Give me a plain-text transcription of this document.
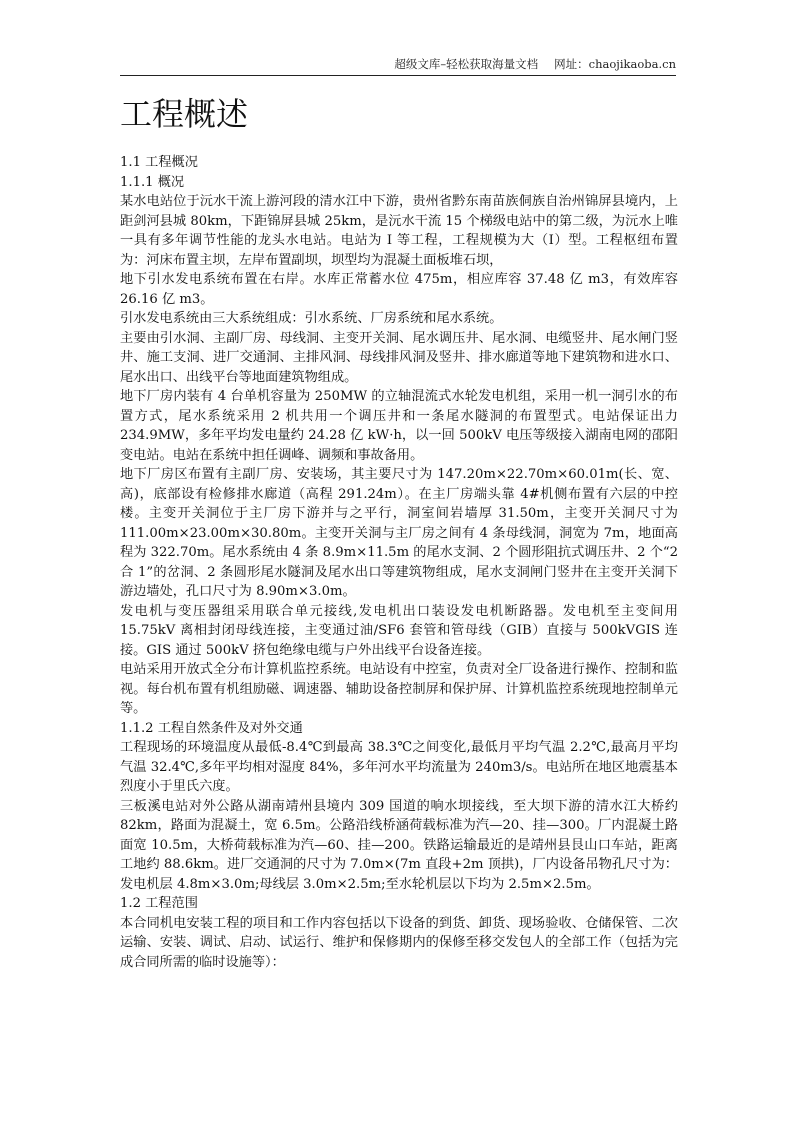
超级文库–轻松获取海量文档 网址：chaojikaoba.cn
工程概述

1.1 工程概况

1.1.1 概况

某水电站位于沅水干流上游河段的清水江中下游，贵州省黔东南苗族侗族自治州锦屏县境内，上距剑河县城 80km，下距锦屏县城 25km，是沅水干流 15 个梯级电站中的第二级，为沅水上唯一具有多年调节性能的龙头水电站。电站为 I 等工程，工程规模为大（I）型。工程枢纽布置为：河床布置主坝，左岸布置副坝，坝型均为混凝土面板堆石坝，

地下引水发电系统布置在右岸。水库正常蓄水位 475m，相应库容 37.48 亿 m3，有效库容 26.16 亿 m3。

引水发电系统由三大系统组成：引水系统、厂房系统和尾水系统。

主要由引水洞、主副厂房、母线洞、主变开关洞、尾水调压井、尾水洞、电缆竖井、尾水闸门竖井、施工支洞、进厂交通洞、主排风洞、母线排风洞及竖井、排水廊道等地下建筑物和进水口、尾水出口、出线平台等地面建筑物组成。

地下厂房内装有 4 台单机容量为 250MW 的立轴混流式水轮发电机组，采用一机一洞引水的布置方式，尾水系统采用 2 机共用一个调压井和一条尾水隧洞的布置型式。电站保证出力 234.9MW，多年平均发电量约 24.28 亿 kW·h，以一回 500kV 电压等级接入湖南电网的邵阳变电站。电站在系统中担任调峰、调频和事故备用。

地下厂房区布置有主副厂房、安装场，其主要尺寸为 147.20m×22.70m×60.01m(长、宽、高)，底部设有检修排水廊道（高程 291.24m）。在主厂房端头靠 4#机侧布置有六层的中控楼。主变开关洞位于主厂房下游并与之平行，洞室间岩墙厚 31.50m，主变开关洞尺寸为 111.00m×23.00m×30.80m。主变开关洞与主厂房之间有 4 条母线洞，洞宽为 7m，地面高程为 322.70m。尾水系统由 4 条 8.9m×11.5m 的尾水支洞、2 个圆形阻抗式调压井、2 个“2 合 1”的岔洞、2 条圆形尾水隧洞及尾水出口等建筑物组成，尾水支洞闸门竖井在主变开关洞下游边墙处，孔口尺寸为 8.90m×3.0m。

发电机与变压器组采用联合单元接线,发电机出口装设发电机断路器。发电机至主变间用 15.75kV 离相封闭母线连接，主变通过油/SF6 套管和管母线（GIB）直接与 500kVGIS 连接。GIS 通过 500kV 挤包绝缘电缆与户外出线平台设备连接。

电站采用开放式全分布计算机监控系统。电站设有中控室，负责对全厂设备进行操作、控制和监视。每台机布置有机组励磁、调速器、辅助设备控制屏和保护屏、计算机监控系统现地控制单元等。

1.1.2 工程自然条件及对外交通

工程现场的环境温度从最低-8.4℃到最高 38.3℃之间变化,最低月平均气温 2.2℃,最高月平均气温 32.4℃,多年平均相对湿度 84%，多年河水平均流量为 240m3/s。电站所在地区地震基本烈度小于里氏六度。

三板溪电站对外公路从湖南靖州县境内 309 国道的响水坝接线，至大坝下游的清水江大桥约 82km，路面为混凝土，宽 6.5m。公路沿线桥涵荷载标准为汽—20、挂—300。厂内混凝土路面宽 10.5m，大桥荷载标准为汽—60、挂—200。铁路运输最近的是靖州县艮山口车站，距离工地约 88.6km。进厂交通洞的尺寸为 7.0m×(7m 直段+2m 顶拱)，厂内设备吊物孔尺寸为：发电机层 4.8m×3.0m;母线层 3.0m×2.5m;至水轮机层以下均为 2.5m×2.5m。

1.2 工程范围

本合同机电安装工程的项目和工作内容包括以下设备的到货、卸货、现场验收、仓储保管、二次运输、安装、调试、启动、试运行、维护和保修期内的保修至移交发包人的全部工作（包括为完成合同所需的临时设施等）：
